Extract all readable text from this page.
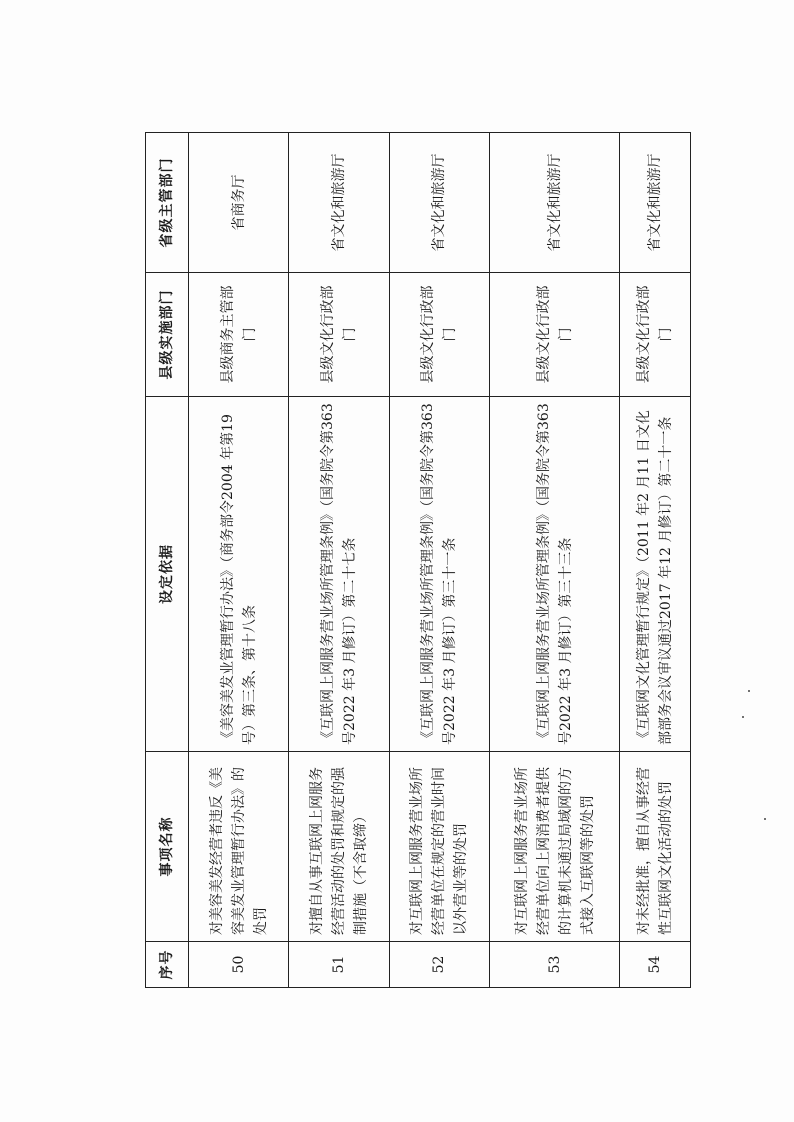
序号	事项名称	设定依据	县级实施部门	省级主管部门
50	对美容美发经营者违反《美容美发业管理暂行办法》的处罚	《美容美发业管理暂行办法》（商务部令2004 年第19 号）第三条、第十八条	县级商务主管部门	省商务厅
51	对擅自从事互联网上网服务经营活动的处罚和规定的强制措施（不含取缔）	《互联网上网服务营业场所管理条例》（国务院令第363 号2022 年3 月修订）第二十七条	县级文化行政部门	省文化和旅游厅
52	对互联网上网服务营业场所经营单位在规定的营业时间以外营业等的处罚	《互联网上网服务营业场所管理条例》（国务院令第363 号2022 年3 月修订）第三十一条	县级文化行政部门	省文化和旅游厅
53	对互联网上网服务营业场所经营单位向上网消费者提供的计算机未通过局域网的方式接入互联网等的处罚	《互联网上网服务营业场所管理条例》（国务院令第363 号2022 年3 月修订）第三十三条	县级文化行政部门	省文化和旅游厅
54	对未经批准，擅自从事经营性互联网文化活动的处罚	《互联网文化管理暂行规定》（2011 年2 月11 日文化部部务会议审议通过2017 年12 月修订）第二十一条	县级文化行政部门	省文化和旅游厅
